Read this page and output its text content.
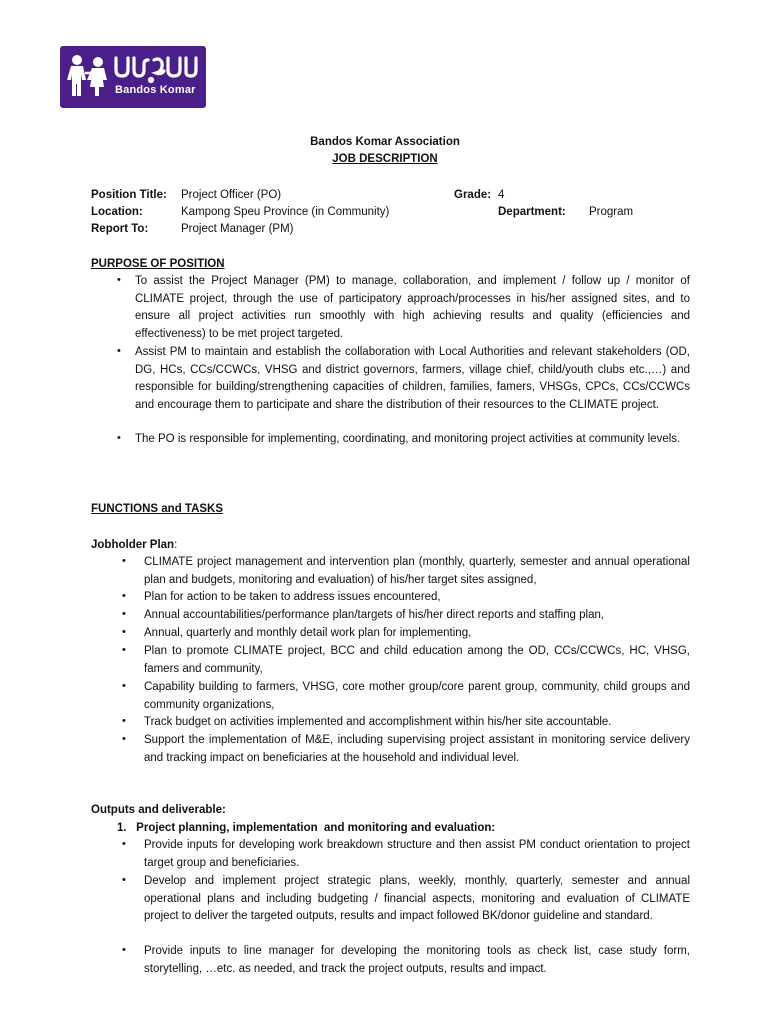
Bandos Komar
Bandos Komar Association
JOB DESCRIPTION
Position Title: Project Officer (PO)
Location:	Kampong Speu Province (in Community)
Report To:	Project Manager (PM)
Grade: 4
Department: Program
PURPOSE OF POSITION
• To assist the Project Manager (PM) to manage, collaboration, and implement / follow up / monitor of CLIMATE project, through the use of participatory approach/processes in his/her assigned sites, and to ensure all project activities run smoothly with high achieving results and quality (efficiencies and effectiveness) to be met project targeted.
• Assist PM to maintain and establish the collaboration with Local Authorities and relevant stakeholders (OD, DG, HCs, CCs/CCWCs, VHSG and district governors, farmers, village chief, child/youth clubs etc.,…) and responsible for building/strengthening capacities of children, families, famers, VHSGs, CPCs, CCs/CCWCs and encourage them to participate and share the distribution of their resources to the CLIMATE project.
• The PO is responsible for implementing, coordinating, and monitoring project activities at community levels.
FUNCTIONS and TASKS
Jobholder Plan:
• CLIMATE project management and intervention plan (monthly, quarterly, semester and annual operational plan and budgets, monitoring and evaluation) of his/her target sites assigned,
• Plan for action to be taken to address issues encountered,
• Annual accountabilities/performance plan/targets of his/her direct reports and staffing plan,
• Annual, quarterly and monthly detail work plan for implementing,
• Plan to promote CLIMATE project, BCC and child education among the OD, CCs/CCWCs, HC, VHSG, famers and community,
• Capability building to farmers, VHSG, core mother group/core parent group, community, child groups and community organizations,
• Track budget on activities implemented and accomplishment within his/her site accountable.
• Support the implementation of M&E, including supervising project assistant in monitoring service delivery and tracking impact on beneficiaries at the household and individual level.
Outputs and deliverable:
1.   Project planning, implementation  and monitoring and evaluation:
• Provide inputs for developing work breakdown structure and then assist PM conduct orientation to project target group and beneficiaries.
• Develop and implement project strategic plans, weekly, monthly, quarterly, semester and annual operational plans and including budgeting / financial aspects, monitoring and evaluation of CLIMATE project to deliver the targeted outputs, results and impact followed BK/donor guideline and standard.
• Provide inputs to line manager for developing the monitoring tools as check list, case study form, storytelling, …etc. as needed, and track the project outputs, results and impact.
